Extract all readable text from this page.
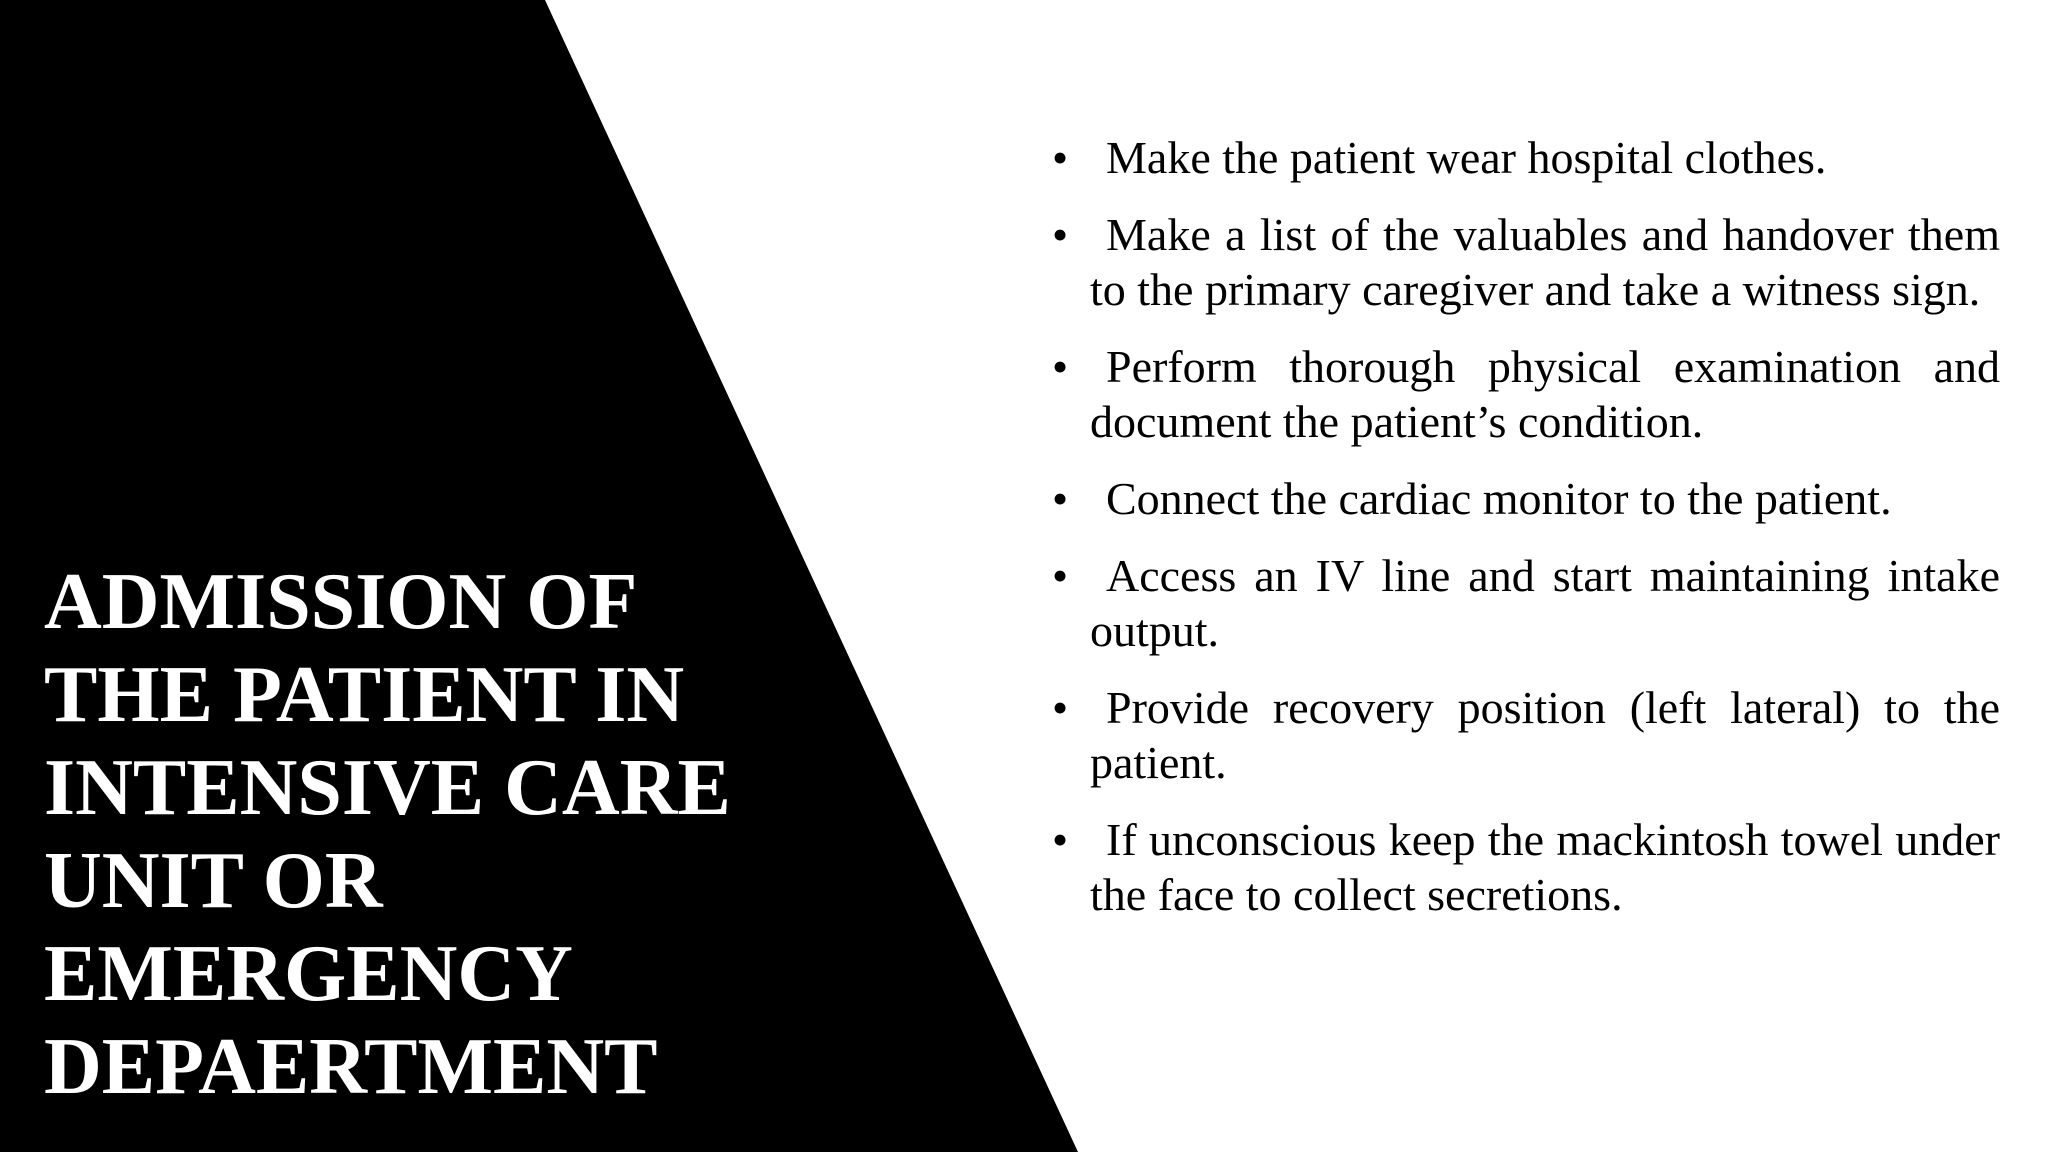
ADMISSION OF
THE PATIENT IN
INTENSIVE CARE
UNIT OR
EMERGENCY
DEPAERTMENT
• Make the patient wear hospital clothes.
• Make a list of the valuables and handover them to the primary caregiver and take a witness sign.
• Perform thorough physical examination and document the patient’s condition.
• Connect the cardiac monitor to the patient.
• Access an IV line and start maintaining intake output.
• Provide recovery position (left lateral) to the patient.
• If unconscious keep the mackintosh towel under the face to collect secretions.
